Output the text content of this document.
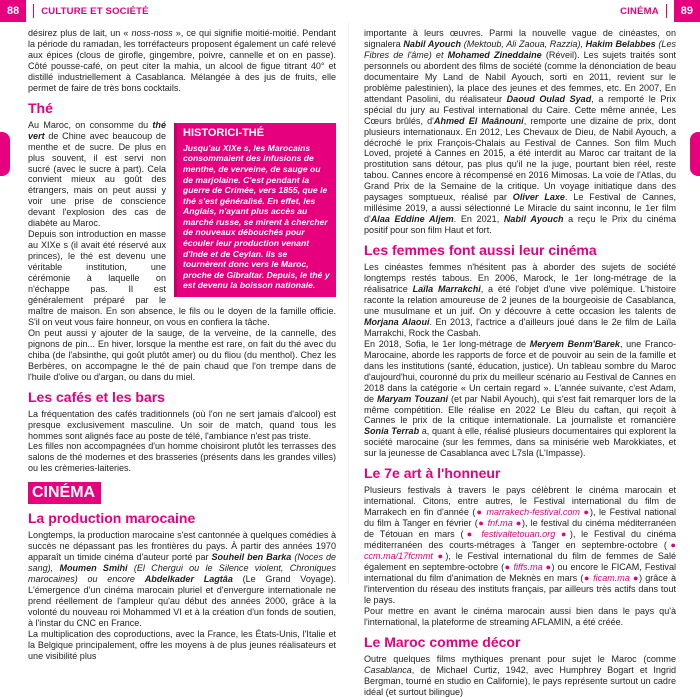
88	CULTURE ET SOCIÉTÉ	CINÉMA	89

désirez plus de lait, un « noss-noss », ce qui signifie moitié-moitié. Pendant la période du ramadan, les torréfacteurs proposent également un café relevé aux épices (clous de girofle, gingembre, poivre, cannelle et on en passe). Côté pousse-café, on peut citer la mahia, un alcool de figue titrant 40° et distillé industriellement à Casablanca. Mélangée à des jus de fruits, elle permet de faire de très bons cocktails.

Thé
HISTORICI-THÉ
Jusqu'au XIXe s, les Marocains consommaient des infusions de menthe, de verveine, de sauge ou de marjolaine. C'est pendant la guerre de Crimée, vers 1855, que le thé s'est généralisé. En effet, les Anglais, n'ayant plus accès au marché russe, se mirent à chercher de nouveaux débouchés pour écouler leur production venant d'Inde et de Ceylan. Ils se tournèrent donc vers le Maroc, proche de Gibraltar. Depuis, le thé y est devenu la boisson nationale.

Au Maroc, on consomme du thé vert de Chine avec beaucoup de menthe et de sucre. De plus en plus souvent, il est servi non sucré (avec le sucre à part). Cela convient mieux au goût des étrangers, mais on peut aussi y voir une prise de conscience devant l'explosion des cas de diabète au Maroc.

Depuis son introduction en masse au XIXe s (il avait été réservé aux princes), le thé est devenu une véritable institution, une cérémonie à laquelle on n'échappe pas. Il est généralement préparé par le maître de maison. En son absence, le fils ou le doyen de la famille officie. S'il on veut vous faire honneur, on vous en confiera la tâche.

On peut aussi y ajouter de la sauge, de la verveine, de la cannelle, des pignons de pin... En hiver, lorsque la menthe est rare, on fait du thé avec du chiba (de l'absinthe, qui goût plutôt amer) ou du fliou (du menthol). Chez les Berbères, on accompagne le thé de pain chaud que l'on trempe dans de l'huile d'olive ou d'argan, ou dans du miel.

Les cafés et les bars

La fréquentation des cafés traditionnels (où l'on ne sert jamais d'alcool) est presque exclusivement masculine. Un soir de match, quand tous les hommes sont alignés face au poste de télé, l'ambiance n'est pas triste.

Les filles non accompagnées d'un homme choisiront plutôt les terrasses des salons de thé modernes et des brasseries (présents dans les grandes villes) ou les crèmeries-laiteries.

CINÉMA
La production marocaine

Longtemps, la production marocaine s'est cantonnée à quelques comédies à succès ne dépassant pas les frontières du pays. À partir des années 1970 apparaît un timide cinéma d'auteur porté par Souheil ben Barka (Noces de sang), Moumen Smihi (El Chergui ou le Silence violent, Chroniques marocaines) ou encore Abdelkader Lagtâa (Le Grand Voyage). L'émergence d'un cinéma marocain pluriel et d'envergure internationale ne prend réellement de l'ampleur qu'au début des années 2000, grâce à la volonté du nouveau roi Mohammed VI et à la création d'un fonds de soutien, à l'instar du CNC en France.

La multiplication des coproductions, avec la France, les États-Unis, l'Italie et la Belgique principalement, offre les moyens à de plus jeunes réalisateurs et une visibilité plus

importante à leurs œuvres. Parmi la nouvelle vague de cinéastes, on signalera Nabil Ayouch (Mektoub, Ali Zaoua, Razzia), Hakim Belabbes (Les Fibres de l'âme) et Mohamed Zineddaine (Réveil). Les sujets traités sont personnels ou abordent des films de société (comme la dénonciation de beau documentaire My Land de Nabil Ayouch, sorti en 2011, revient sur le problème palestinien), la place des jeunes et des femmes, etc. En 2007, En attendant Pasolini, du réalisateur Daoud Oulad Syad, a remporté le Prix spécial du jury au Festival international du Caire. Cette même année, Les Cœurs brûlés, d'Ahmed El Maânouni, remporte une dizaine de prix, dont plusieurs internationaux. En 2012, Les Chevaux de Dieu, de Nabil Ayouch, a décroché le prix François-Chalais au Festival de Cannes. Son film Much Loved, projeté à Cannes en 2015, a été interdit au Maroc car traitant de la prostitution sans détour, pas plus qu'il ne la juge, pourtant bien réel, reste tabou. Cannes encore à récompensé en 2016 Mimosas. La voie de l'Atlas, du Grand Prix de la Semaine de la critique. Un voyage initiatique dans des paysages somptueux, réalisé par Oliver Laxe. Le Festival de Cannes, millésime 2019, a aussi sélectionné Le Miracle du saint inconnu, le 1er film d'Alaa Eddine Aljem. En 2021, Nabil Ayouch a reçu le Prix du cinéma positif pour son film Haut et fort.

Les femmes font aussi leur cinéma

Les cinéastes femmes n'hésitent pas à aborder des sujets de société longtemps restés tabous. En 2006, Marock, le 1er long-métrage de la réalisatrice Laïla Marrakchi, a été l'objet d'une vive polémique. L'histoire raconte la relation amoureuse de 2 jeunes de la bourgeoisie de Casablanca, une musulmane et un juif. On y découvre à cette occasion les talents de Morjana Alaoui. En 2013, l'actrice a d'ailleurs joué dans le 2e film de Laïla Marrakchi, Rock the Casbah.

En 2018, Sofia, le 1er long-métrage de Meryem Benm'Barek, une Franco-Marocaine, aborde les rapports de force et de pouvoir au sein de la famille et dans les institutions (santé, éducation, justice). Un tableau sombre du Maroc d'aujourd'hui, couronné du prix du meilleur scénario au Festival de Cannes en 2018 dans la catégorie « Un certain regard ». L'année suivante, c'est Adam, de Maryam Touzani (et par Nabil Ayouch), qui s'est fait remarquer lors de la même compétition. Elle réalise en 2022 Le Bleu du caftan, qui reçoit à Cannes le prix de la critique internationale. La journaliste et romancière Sonia Terrab a, quant à elle, réalisé plusieurs documentaires qui explorent la société marocaine (sur les femmes, dans sa minisérie web Marokkiates, et sur la jeunesse de Casablanca avec L7sla (L'Impasse).

Le 7e art à l'honneur

Plusieurs festivals à travers le pays célèbrent le cinéma marocain et international. Citons, entre autres, le Festival international du film de Marrakech en fin d'année (● marrakech-festival.com ●), le Festival national du film à Tanger en février (● fnf.ma ●), le festival du cinéma méditerranéen de Tétouan en mars (● festivaltetouan.org ●), le Festival du cinéma méditerranéen des courts-métrages à Tanger en septembre-octobre (● ccm.ma/17fcmmt ●), le Festival international du film de femmes de Salé également en septembre-octobre (● fiffs.ma ●) ou encore le FICAM, Festival international du film d'animation de Meknès en mars (● ficam.ma ●) grâce à l'intervention du réseau des instituts français, par ailleurs très actifs dans tout le pays.

Pour mettre en avant le cinéma marocain aussi bien dans le pays qu'à l'international, la plateforme de streaming AFLAMIN, a été créée.

Le Maroc comme décor

Outre quelques films mythiques prenant pour sujet le Maroc (comme Casablanca, de Michael Curtiz, 1942, avec Humphrey Bogart et Ingrid Bergman, tourné en studio en Californie), le pays représente surtout un cadre idéal (et surtout bilingue)
